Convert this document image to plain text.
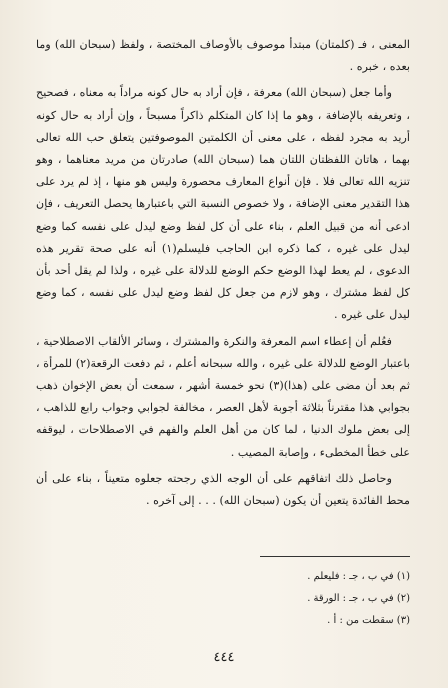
المعنى ، فـ (كلمتان) مبتدأ موصوف بالأوصاف المختصة ، ولفظ (سبحان الله) وما بعده ، خبره .

وأما جعل (سبحان الله) معرفة ، فإن أراد به حال كونه مراداً به معناه ، فصحيح ، وتعريفه بالإضافة ، وهو ما إذا كان المتكلم ذاكراً مسبحاً ، وإن أراد به حال كونه أريد به مجرد لفظه ، على معنى أن الكلمتين الموصوفتين يتعلق حب الله تعالى بهما ، هاتان اللفظتان اللتان هما (سبحان الله) صادرتان من مريد معناهما ، وهو تنزيه الله تعالى فلا . فإن أنواع المعارف محصورة وليس هو منها ، إذ لم يرد على هذا التقدير معنى الإضافة ، ولا خصوص النسبة التي باعتبارها يحصل التعريف ، فإن ادعى أنه من قبيل العلم ، بناء على أن كل لفظ وضع ليدل على نفسه كما وضع ليدل على غيره ، كما ذكره ابن الحاجب فليسلم(١) أنه على صحة تقرير هذه الدعوى ، لم يعط لهذا الوضع حكم الوضع للدلالة على غيره ، ولذا لم يقل أحد بأن كل لفظ مشترك ، وهو لازم من جعل كل لفظ وضع ليدل على نفسه ، كما وضع ليدل على غيره .

فعُلم أن إعطاء اسم المعرفة والنكرة والمشترك ، وسائر الألقاب الاصطلاحية ، باعتبار الوضع للدلالة على غيره ، والله سبحانه أعلم ، ثم دفعت الرقعة(٢) للمرأة ، ثم بعد أن مضى على (هذا)(٣) نحو خمسة أشهر ، سمعت أن بعض الإخوان ذهب بجوابي هذا مقترناً بثلاثة أجوبة لأهل العصر ، مخالفة لجوابي وجواب رابع للذاهب ، إلى بعض ملوك الدنيا ، لما كان من أهل العلم والفهم في الاصطلاحات ، ليوقفه على خطأ المخطىء ، وإصابة المصيب .

وحاصل ذلك اتفاقهم على أن الوجه الذي رجحته جعلوه متعيناً ، بناء على أن محط الفائدة يتعين أن يكون (سبحان الله) . . . إلى آخره .

(١) في ب ، جـ : فليعلم .
(٢) في ب ، جـ : الورقة .
(٣) سقطت من : أ .
٤٤٤
